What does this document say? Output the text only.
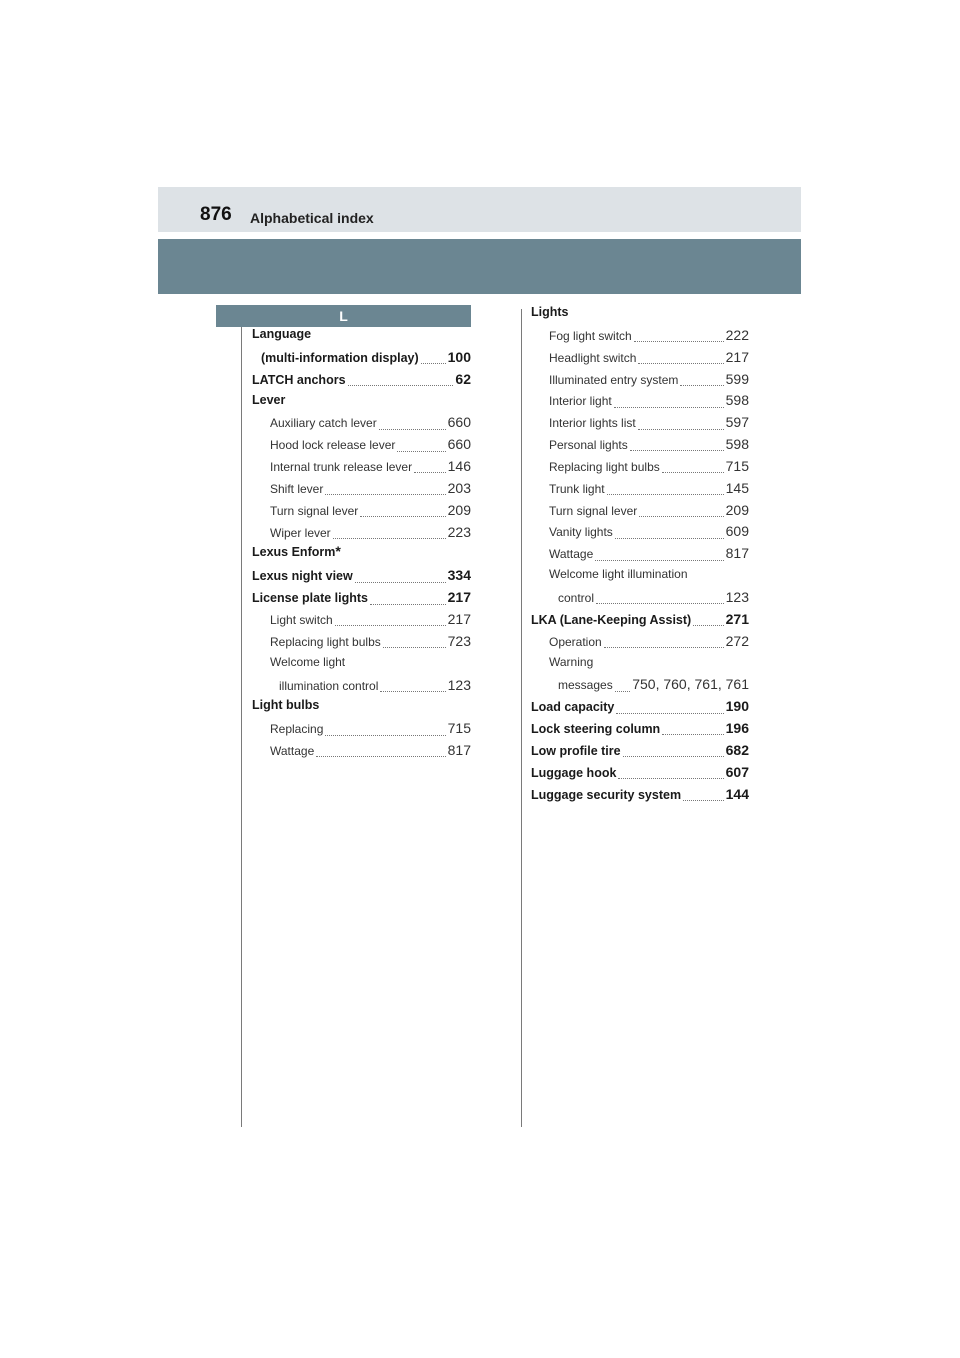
876 Alphabetical index
L
Language
(multi-information display) 100
LATCH anchors	62
Lever
Auxiliary catch lever	660
Hood lock release lever	660
Internal trunk release lever	146
Shift lever	203
Turn signal lever	209
Wiper lever	223
Lexus Enform *
Lexus night view	334
License plate lights	217
Light switch	217
Replacing light bulbs	723
Welcome light
illumination control	123
Light bulbs
Replacing	715
Wattage	817
Lights
Fog light switch	222
Headlight switch	217
Illuminated entry system	599
Interior light	598
Interior lights list	597
Personal lights	598
Replacing light bulbs	715
Trunk light	145
Turn signal lever	209
Vanity lights	609
Wattage	817
Welcome light illumination
control	123
LKA (Lane-Keeping Assist) 271
Operation	272
Warning
messages 750, 760, 761, 761
Load capacity	190
Lock steering column	196
Low profile tire	682
Luggage hook	607
Luggage security system	144
